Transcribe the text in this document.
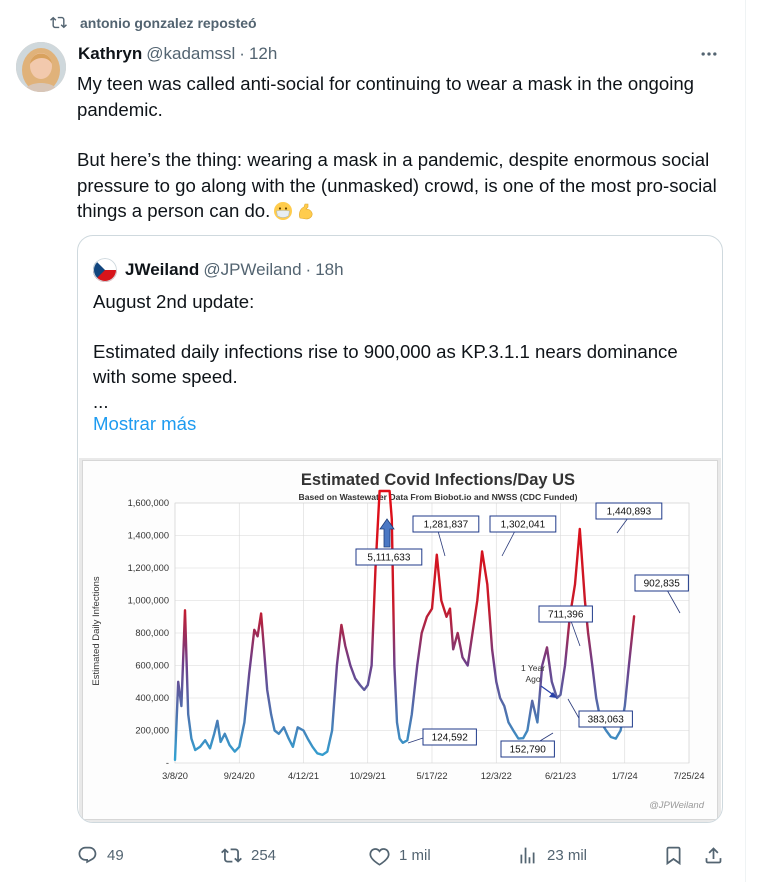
antonio gonzalez reposteó
Kathryn @kadamssl · 12h

My teen was called anti-social for continuing to wear a mask in the ongoing pandemic.

But here’s the thing: wearing a mask in a pandemic, despite enormous social pressure to go along with the (unmasked) crowd, is one of the most pro-social things a person can do.

JWeiland @JPWeiland · 18h

August 2nd update:

Estimated daily infections rise to 900,000 as KP.3.1.1 nears dominance with some speed.

...

Mostrar más
Estimated Covid Infections/Day US
Based on Wastewater Data From Biobot.io and NWSS (CDC Funded)
Estimated Daily Infections
-
200,000
400,000
600,000
800,000
1,000,000
1,200,000
1,400,000
1,600,000
3/8/20	9/24/20	4/12/21	10/29/21	5/17/22	12/3/22	6/21/23	1/7/24	7/25/24
5,111,633
1,281,837	1,302,041
124,592
152,790
711,396
383,063
1,440,893
902,835
1 Year
Ago
@JPWeiland
49	254	1 mil	23 mil
